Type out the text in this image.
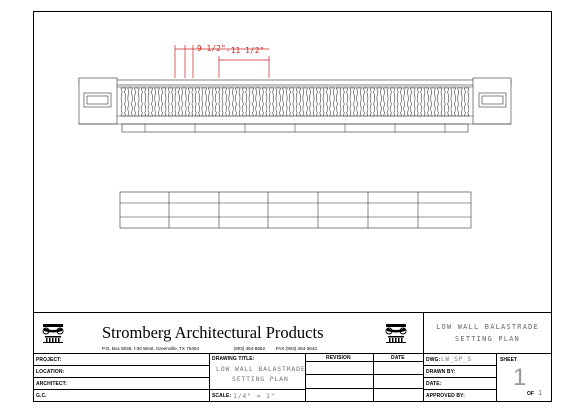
9 1/2" -11 1/2"
Stromberg Architectural Products
P.O. Box 8036, I-30 West, Greenville, TX 75404	(903) 454-8682 FAX (903) 454-3642
LOW WALL BALASTRADE
SETTING PLAN
PROJECT:
LOCATION:
ARCHITECT:
G.C.
DRAWING TITLE:
LOW WALL BALASTRADE
SETTING PLAN
SCALE: 1/4" = 1"
REVISION	DATE	DWG: LW_SP_S
DRAWN BY:
DATE:
APPROVED BY:
SHEET
1
OF 1
